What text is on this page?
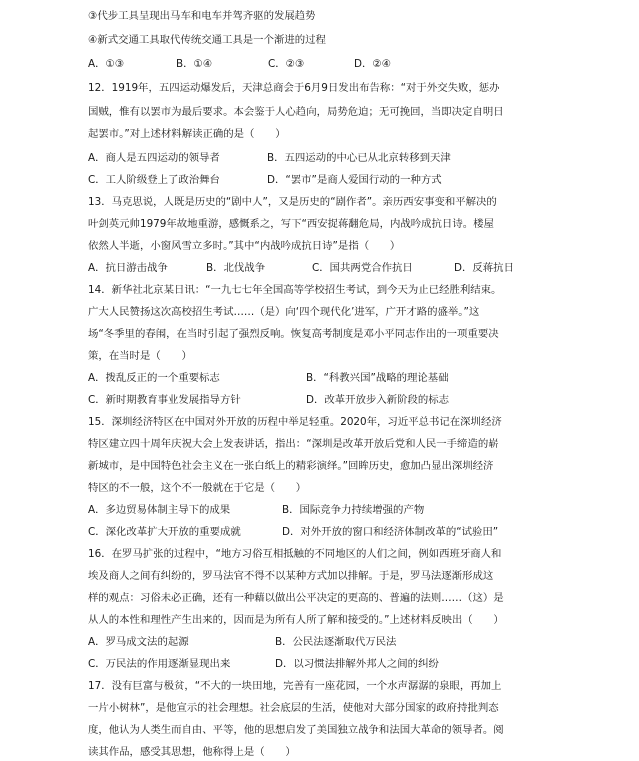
③代步工具呈现出马车和电车并驾齐驱的发展趋势
④新式交通工具取代传统交通工具是一个渐进的过程
A．①③	B．①④	C．②③	D．②④
12．1919年，五四运动爆发后，天津总商会于6月9日发出布告称：“对于外交失败，惩办
国贼，惟有以罢市为最后要求。本会鉴于人心趋向，局势危迫；无可挽回，当即决定自明日
起罢市。”对上述材料解读正确的是（　　）
A．商人是五四运动的领导者	B．五四运动的中心已从北京转移到天津
C．工人阶级登上了政治舞台	D．“罢市”是商人爱国行动的一种方式
13．马克思说，人既是历史的“剧中人”，又是历史的“剧作者”。亲历西安事变和平解决的
叶剑英元帅1979年故地重游，感慨系之，写下“西安捉蒋翻危局，内战吟成抗日诗。楼屋
依然人半逝，小窗风雪立多时。”其中“内战吟成抗日诗”是指（　　）
A．抗日游击战争	B．北伐战争	C．国共两党合作抗日	D．反蒋抗日
14．新华社北京某日讯：“一九七七年全国高等学校招生考试，到今天为止已经胜利结束。
广大人民赞扬这次高校招生考试……（是）向‘四个现代化’进军，广开才路的盛举。”这
场“冬季里的春闱，在当时引起了强烈反响。恢复高考制度是邓小平同志作出的一项重要决
策，在当时是（　　）
A．拨乱反正的一个重要标志	B．“科教兴国”战略的理论基础
C．新时期教育事业发展指导方针	D．改革开放步入新阶段的标志
15．深圳经济特区在中国对外开放的历程中举足轻重。2020年，习近平总书记在深圳经济
特区建立四十周年庆祝大会上发表讲话，指出：“深圳是改革开放后党和人民一手缔造的崭
新城市，是中国特色社会主义在一张白纸上的精彩演绎。”回眸历史，愈加凸显出深圳经济
特区的不一般，这个不一般就在于它是（　　）
A．多边贸易体制主导下的成果	B．国际竞争力持续增强的产物
C．深化改革扩大开放的重要成就	D．对外开放的窗口和经济体制改革的“试验田”
16．在罗马扩张的过程中，“地方习俗互相抵触的不同地区的人们之间，例如西班牙商人和
埃及商人之间有纠纷的，罗马法官不得不以某种方式加以排解。于是，罗马法逐渐形成这
样的观点：习俗未必正确，还有一种藉以做出公平决定的更高的、普遍的法则……（这）是
从人的本性和理性产生出来的，因而是为所有人所了解和接受的。”上述材料反映出（　　）
A．罗马成文法的起源	B．公民法逐渐取代万民法
C．万民法的作用逐渐显现出来	D．以习惯法排解外邦人之间的纠纷
17．没有巨富与极贫，“不大的一块田地，完善有一座花园，一个水声潺潺的泉眼，再加上
一片小树林”，是他宣示的社会理想。社会底层的生活，使他对大部分国家的政府持批判态
度，他认为人类生而自由、平等，他的思想启发了美国独立战争和法国大革命的领导者。阅
读其作品，感受其思想，他称得上是（　　）
